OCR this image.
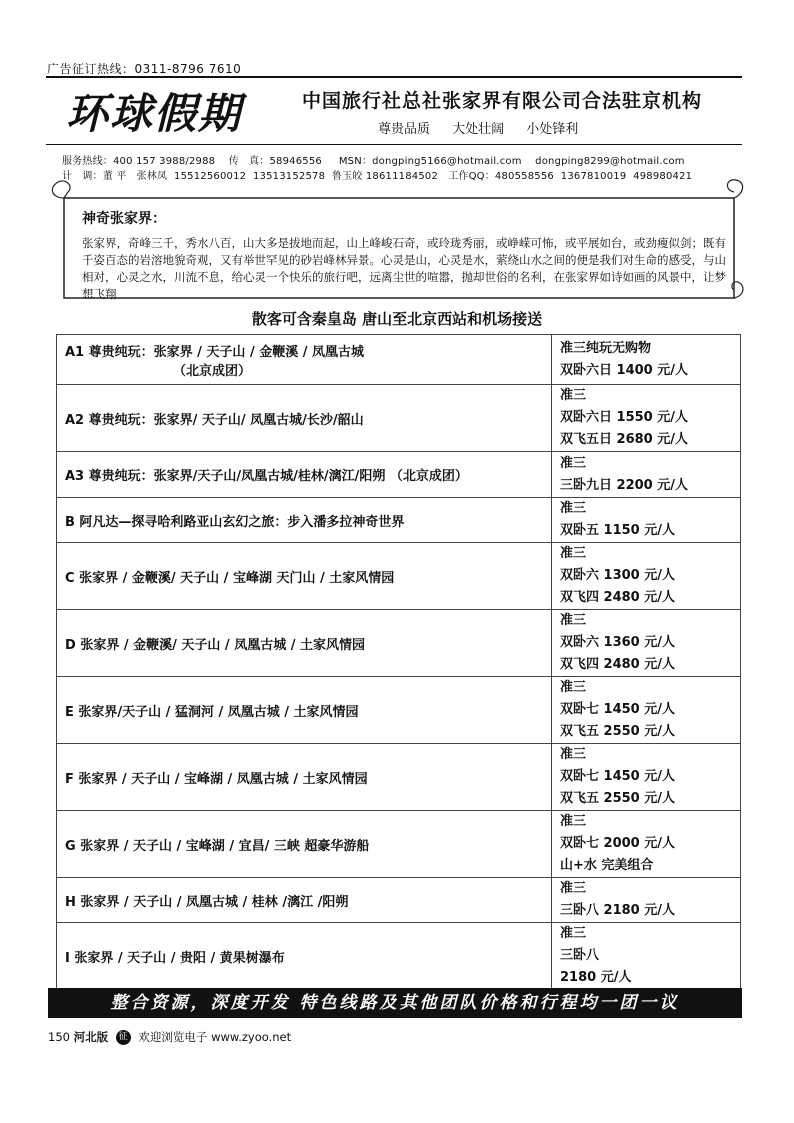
广告征订热线：0311-8796 7610
环球假期	中国旅行社总社张家界有限公司合法驻京机构
尊贵品质 大处壮阔 小处锋利
服务热线：400 157 3988/2988    传   真：58946556     MSN：dongping5166@hotmail.com    dongping8299@hotmail.com
计   调：董 平   张林凤  15512560012  13513152578  鲁玉皎 18611184502   工作QQ：480558556  1367810019  498980421
神奇张家界：
张家界，奇峰三千，秀水八百，山大多是拔地而起，山上峰峻石奇，或玲珑秀丽，或峥嵘可怖，或平展如台，或劲瘦似剑；既有千姿百态的岩溶地貌奇观，又有举世罕见的砂岩峰林异景。心灵是山，心灵是水，萦绕山水之间的便是我们对生命的感受，与山相对，心灵之水，川流不息，给心灵一个快乐的旅行吧，远离尘世的喧嚣，抛却世俗的名利，在张家界如诗如画的风景中，让梦想飞翔
散客可含秦皇岛 唐山至北京西站和机场接送
A1 尊贵纯玩：张家界 / 天子山 / 金鞭溪 / 凤凰古城
（北京成团）	准三纯玩无购物
双卧六日 1400 元/人

A2 尊贵纯玩：张家界/ 天子山/ 凤凰古城/长沙/韶山	准三
双卧六日 1550 元/人
双飞五日 2680 元/人

A3 尊贵纯玩：张家界/天子山/凤凰古城/桂林/漓江/阳朔 （北京成团）	准三
三卧九日 2200 元/人

B 阿凡达—探寻哈利路亚山玄幻之旅：步入潘多拉神奇世界	准三
双卧五 1150 元/人

C 张家界 / 金鞭溪/ 天子山 / 宝峰湖 天门山 / 土家风情园	准三
双卧六 1300 元/人
双飞四 2480 元/人

D 张家界 / 金鞭溪/ 天子山 / 凤凰古城 / 土家风情园	准三
双卧六 1360 元/人
双飞四 2480 元/人

E 张家界/天子山 / 猛洞河 / 凤凰古城 / 土家风情园	准三
双卧七 1450 元/人
双飞五 2550 元/人

F 张家界 / 天子山 / 宝峰湖 / 凤凰古城 / 土家风情园	准三
双卧七 1450 元/人
双飞五 2550 元/人

G 张家界 / 天子山 / 宝峰湖 / 宜昌/ 三峡 超豪华游船	准三
双卧七 2000 元/人
山+水 完美组合

H 张家界 / 天子山 / 凤凰古城 / 桂林 /漓江 /阳朔	准三
三卧八 2180 元/人

I 张家界 / 天子山 / 贵阳 / 黄果树瀑布	准三
三卧八
2180 元/人
整合资源，深度开发 特色线路及其他团队价格和行程均一团一议
150 河北版 征 欢迎浏览电子 www.zyoo.net
